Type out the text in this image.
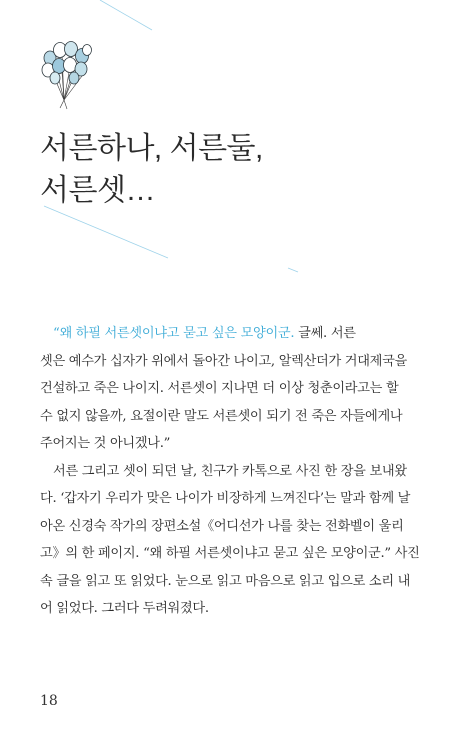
서른하나, 서른둘,
서른셋…

“왜 하필 서른셋이냐고 묻고 싶은 모양이군. 글쎄. 서른
셋은 예수가 십자가 위에서 돌아간 나이고, 알렉산더가 거대제국을
건설하고 죽은 나이지. 서른셋이 지나면 더 이상 청춘이라고는 할
수 없지 않을까, 요절이란 말도 서른셋이 되기 전 죽은 자들에게나
주어지는 것 아니겠나.”

서른 그리고 셋이 되던 날, 친구가 카톡으로 사진 한 장을 보내왔
다. ‘갑자기 우리가 맞은 나이가 비장하게 느껴진다’는 말과 함께 날
아온 신경숙 작가의 장편소설《어디선가 나를 찾는 전화벨이 울리
고》의 한 페이지. “왜 하필 서른셋이냐고 묻고 싶은 모양이군.” 사진
속 글을 읽고 또 읽었다. 눈으로 읽고 마음으로 읽고 입으로 소리 내
어 읽었다. 그러다 두려워졌다.

18
